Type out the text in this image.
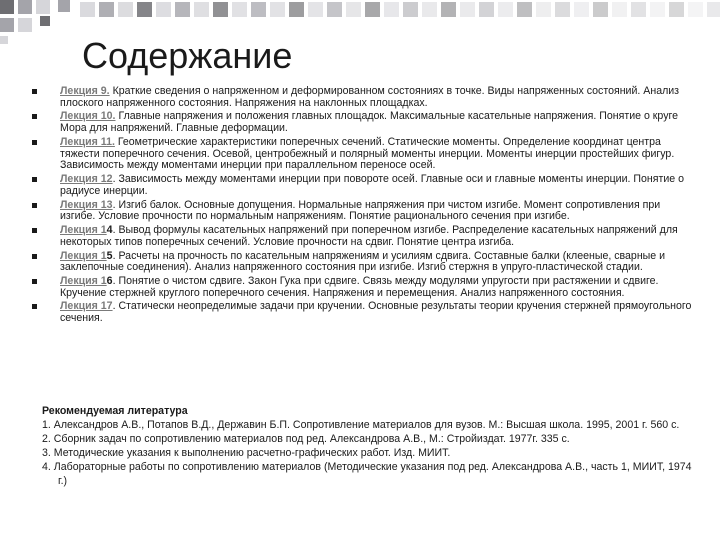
Содержание
Лекция 9. Краткие сведения о напряженном и деформированном состояниях в точке. Виды напряженных состояний. Анализ плоского напряженного состояния. Напряжения на наклонных площадках.
Лекция 10. Главные напряжения и положения главных площадок. Максимальные касательные напряжения. Понятие о круге Мора для напряжений. Главные деформации.
Лекция 11. Геометрические характеристики поперечных сечений. Статические моменты. Определение координат центра тяжести поперечного сечения. Осевой, центробежный и полярный моменты инерции. Моменты инерции простейших фигур. Зависимость между моментами инерции при параллельном переносе осей.
Лекция 12. Зависимость между моментами инерции при повороте осей. Главные оси и главные моменты инерции. Понятие о радиусе инерции.
Лекция 13. Изгиб балок. Основные допущения. Нормальные напряжения при чистом изгибе. Момент сопротивления при изгибе. Условие прочности по нормальным напряжениям. Понятие рационального сечения при изгибе.
Лекция 14. Вывод формулы касательных напряжений при поперечном изгибе. Распределение касательных напряжений для некоторых типов поперечных сечений. Условие прочности на сдвиг. Понятие центра изгиба.
Лекция 15. Расчеты на прочность по касательным напряжениям и усилиям сдвига. Составные балки (клееные, сварные и заклепочные соединения). Анализ напряженного состояния при изгибе. Изгиб стержня в упруго-пластической стадии.
Лекция 16. Понятие о чистом сдвиге. Закон Гука при сдвиге. Связь между модулями упругости при растяжении и сдвиге. Кручение стержней круглого поперечного сечения. Напряжения и перемещения. Анализ напряженного состояния.
Лекция 17. Статически неопределимые задачи при кручении. Основные результаты теории кручения стержней прямоугольного сечения.
Рекомендуемая литература
1. Александров А.В., Потапов В.Д., Державин Б.П. Сопротивление материалов для вузов. М.: Высшая школа. 1995, 2001 г. 560 с.
2. Сборник задач по сопротивлению материалов под ред. Александрова А.В., М.: Стройиздат. 1977г. 335 с.
3. Методические указания к выполнению расчетно-графических работ. Изд. МИИТ.
4. Лабораторные работы по сопротивлению материалов (Методические указания под ред. Александрова А.В., часть 1, МИИТ, 1974 г.)
